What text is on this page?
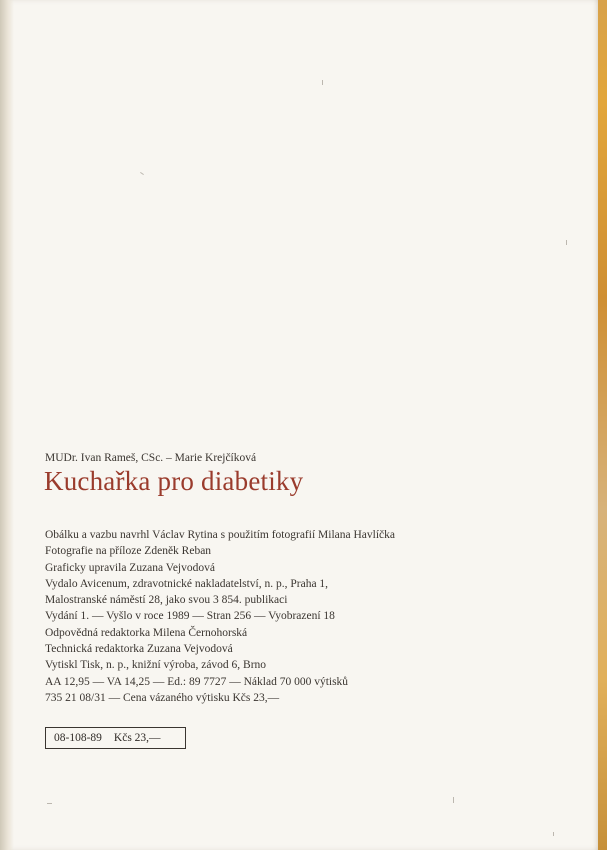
MUDr. Ivan Rameš, CSc. – Marie Krejčíková
Kuchařka pro diabetiky
Obálku a vazbu navrhl Václav Rytina s použitím fotografií Milana Havlíčka
Fotografie na příloze Zdeněk Reban
Graficky upravila Zuzana Vejvodová
Vydalo Avicenum, zdravotnické nakladatelství, n. p., Praha 1,
Malostranské náměstí 28, jako svou 3 854. publikaci
Vydání 1. — Vyšlo v roce 1989 — Stran 256 — Vyobrazení 18
Odpovědná redaktorka Milena Černohorská
Technická redaktorka Zuzana Vejvodová
Vytiskl Tisk, n. p., knižní výroba, závod 6, Brno
AA 12,95 — VA 14,25 — Ed.: 89 7727 — Náklad 70 000 výtisků
735 21 08/31 — Cena vázaného výtisku Kčs 23,—
08-108-89 Kčs 23,—
